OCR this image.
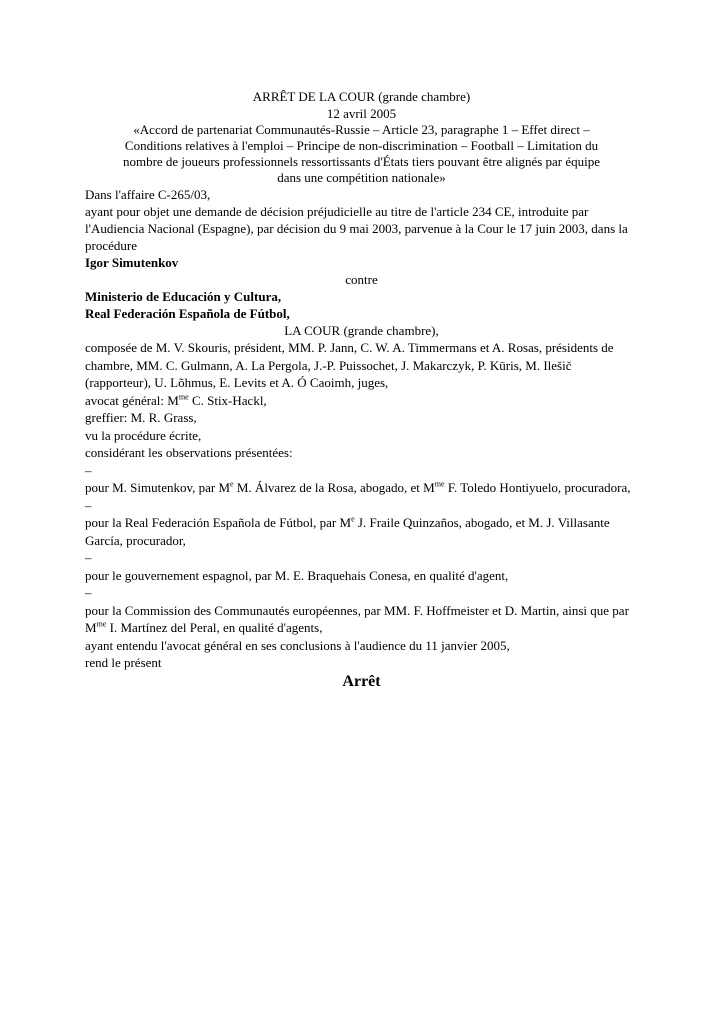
ARRÊT DE LA COUR (grande chambre)
12 avril 2005
«Accord de partenariat Communautés-Russie – Article 23, paragraphe 1 – Effet direct –
Conditions relatives à l'emploi – Principe de non-discrimination – Football – Limitation du
nombre de joueurs professionnels ressortissants d'États tiers pouvant être alignés par équipe
dans une compétition nationale»

Dans l'affaire C-265/03,

ayant pour objet une demande de décision préjudicielle au titre de l'article 234 CE, introduite par l'Audiencia Nacional (Espagne), par décision du 9 mai 2003, parvenue à la Cour le 17 juin 2003, dans la procédure

Igor Simutenkov

contre

Ministerio de Educación y Cultura,

Real Federación Española de Fútbol,

LA COUR (grande chambre),

composée de M. V. Skouris, président, MM. P. Jann, C. W. A. Timmermans et A. Rosas, présidents de chambre, MM. C. Gulmann, A. La Pergola, J.-P. Puissochet, J. Makarczyk, P. Kūris, M. Ilešič (rapporteur), U. Lõhmus, E. Levits et A. Ó Caoimh, juges,

avocat général: $M^{me}$ C. Stix-Hackl,

greffier: M. R. Grass,

vu la procédure écrite,

considérant les observations présentées:

–

pour M. Simutenkov, par Me M. Álvarez de la Rosa, abogado, et $M^{me}$ F. Toledo Hontiyuelo, procuradora,

–

pour la Real Federación Española de Fútbol, par Me J. Fraile Quinzaños, abogado, et M. J. Villasante García, procurador,

–

pour le gouvernement espagnol, par M. E. Braquehais Conesa, en qualité d'agent,

–

pour la Commission des Communautés européennes, par MM. F. Hoffmeister et D. Martin, ainsi que par $M^{me}$ I. Martínez del Peral, en qualité d'agents,

ayant entendu l'avocat général en ses conclusions à l'audience du 11 janvier 2005,

rend le présent

Arrêt
